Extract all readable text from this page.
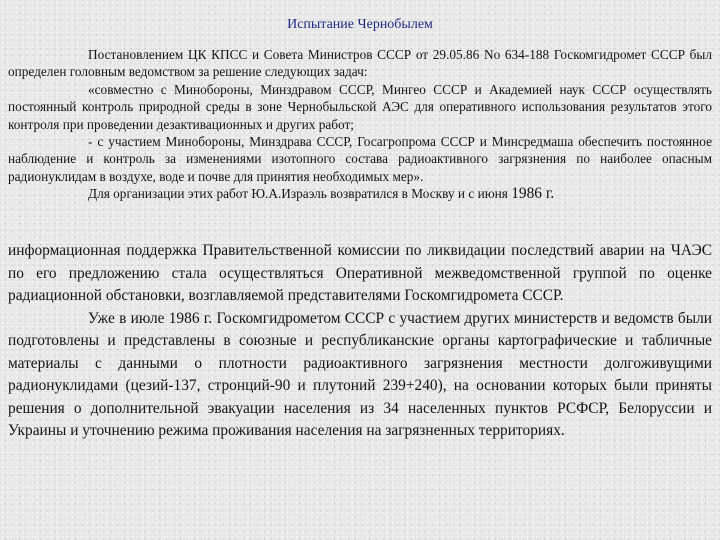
Испытание Чернобылем

Постановлением ЦК КПСС и Совета Министров СССР от 29.05.86 No 634-188 Госкомгидромет СССР был определен головным ведомством за решение следующих задач:

«совместно с Минобороны, Минздравом СССР, Мингео СССР и Академией наук СССР осуществлять постоянный контроль природной среды в зоне Чернобыльской АЭС для оперативного использования результатов этого контроля при проведении дезактивационных и других работ;

- с участием Минобороны, Минздрава СССР, Госагропрома СССР и Минсредмаша обеспечить постоянное наблюдение и контроль за изменениями изотопного состава радиоактивного загрязнения по наиболее опасным радионуклидам в воздухе, воде и почве для принятия необходимых мер».

Для организации этих работ Ю.А.Израэль возвратился в Москву и с июня 1986 г.

информационная поддержка Правительственной комиссии по ликвидации последствий аварии на ЧАЭС по его предложению стала осуществляться Оперативной межведомственной группой по оценке радиационной обстановки, возглавляемой представителями Госкомгидромета СССР.

Уже в июле 1986 г. Госкомгидрометом СССР с участием других министерств и ведомств были подготовлены и представлены в союзные и республиканские органы картографические и табличные материалы с данными о плотности радиоактивного загрязнения местности долгоживущими радионуклидами (цезий-137, стронций-90 и плутоний 239+240), на основании которых были приняты решения о дополнительной эвакуации населения из 34 населенных пунктов РСФСР, Белоруссии и Украины и уточнению режима проживания населения на загрязненных территориях.
